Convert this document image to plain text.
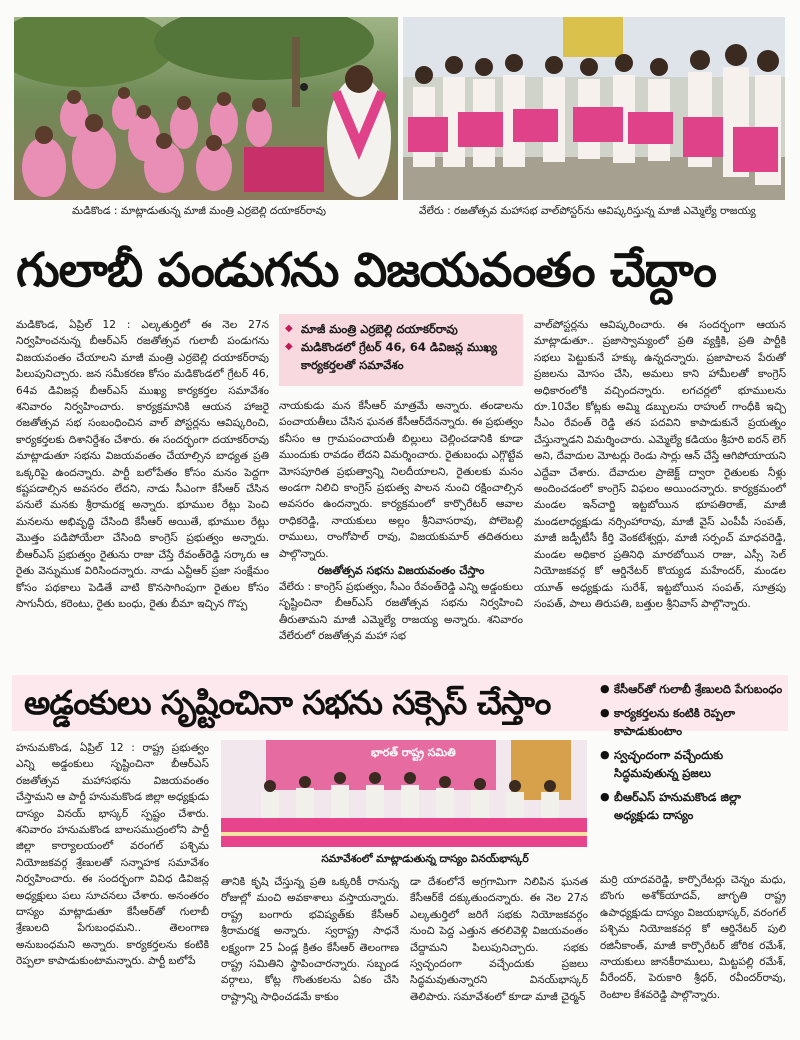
మడికొండ : మాట్లాడుతున్న మాజీ మంత్రి ఎర్రబెల్లి దయాకర్‌రావు	వేలేరు : రజతోత్సవ మహాసభ వాల్‌పోస్టర్‌ను ఆవిష్కరిస్తున్న మాజీ ఎమ్మెల్యే రాజయ్య
గులాబీ పండుగను విజయవంతం చేద్దాం

మడికొండ, ఏప్రిల్ 12 : ఎల్కతుర్తిలో ఈ నెల 27న నిర్వహించనున్న బీఆర్ఎస్ రజతోత్సవ గులాబీ పండుగను విజయవంతం చేయాలని మాజీ మంత్రి ఎర్రబెల్లి దయాకర్‌రావు పిలుపునిచ్చారు. జన సమీకరణ కోసం మడికొండలో గ్రేటర్ 46, 64వ డివిజన్ల బీఆర్ఎస్ ముఖ్య కార్యకర్తల సమావేశం శనివారం నిర్వహించారు. కార్యక్రమానికి ఆయన హాజరై రజతోత్సవ సభ సంబంధించిన వాల్ పోస్టర్లను ఆవిష్కరించి, కార్యకర్తలకు దిశానిర్దేశం చేశారు. ఈ సందర్భంగా దయాకర్‌రావు మాట్లాడుతూ సభను విజయవంతం చేయాల్సిన బాధ్యత ప్రతి ఒక్కరిపై ఉందన్నారు. పార్టీ బలోపేతం కోసం మనం పెద్దగా కష్టపడాల్సిన అవసరం లేదని, నాడు సీఎంగా కేసీఆర్ చేసిన పనులే మనకు శ్రీరామరక్ష అన్నారు. భూముల రేట్లు పెంచి మనలను అభివృద్ధి చేసింది కేసీఆర్ అయితే, భూముల రేట్లు మొత్తం పడిపోయేలా చేసింది కాంగ్రెస్ ప్రభుత్వం అన్నారు. బీఆర్ఎస్ ప్రభుత్వం రైతును రాజు చేస్తే రేవంత్‌రెడ్డి సర్కారు ఆ రైతు వెన్నుముక విరిసిందన్నారు. నాడు ఎన్టీఆర్ ప్రజా సంక్షేమం కోసం పథకాలు పెడితే వాటి కొనసాగింపుగా రైతుల కోసం సాగునీరు, కరెంటు, రైతు బంధు, రైతు బీమా ఇచ్చిన గొప్ప

◆ మాజీ మంత్రి ఎర్రబెల్లి దయాకర్‌రావు
◆ మడికొండలో గ్రేటర్ 46, 64 డివిజన్ల ముఖ్య కార్యకర్తలతో సమావేశం

నాయకుడు మన కేసీఆర్ మాత్రమే అన్నారు. తండాలను పంచాయతీలు చేసిన ఘనత కేసీఆర్‌దేనన్నారు. ఈ ప్రభుత్వం కనీసం ఆ గ్రామపంచాయతీ బిల్లులు చెల్లించడానికి కూడా ముందుకు రావడం లేదని విమర్శించారు. రైతుబంధు ఎగ్గొట్టేవ మోసపూరిత ప్రభుత్వాన్ని నిలదీయాలని, రైతులకు మనం అండగా నిలిచి కాంగ్రెస్ ప్రభుత్వ పాలన నుంచి రక్షించాల్సిన అవసరం ఉందన్నారు. కార్యక్రమంలో కార్పొరేటర్ ఆవాల రాధికరెడ్డి, నాయకులు అల్లం శ్రీనివాసరావు, పోలెబల్లి రాములు, రాంగోపాల్ రావు, విజయకుమార్ తదితరులు పాల్గొన్నారు.

రజతోత్సవ సభను విజయవంతం చేస్తాం

వేలేరు : కాంగ్రెస్ ప్రభుత్వం, సీఎం రేవంత్‌రెడ్డి ఎన్ని అడ్డంకులు సృష్టించినా బీఆర్ఎస్ రజతోత్సవ సభను నిర్వహించి తీరుతామని మాజీ ఎమ్మెల్యే రాజయ్య అన్నారు. శనివారం వేలేరులో రజతోత్సవ మహా సభ

వాల్‌పోస్టర్లను ఆవిష్కరించారు. ఈ సందర్భంగా ఆయన మాట్లాడుతూ.. ప్రజాస్వామ్యంలో ప్రతి వ్యక్తికి, ప్రతి పార్టీకి సభలు పెట్టుకునే హక్కు ఉన్నదన్నారు. ప్రజాపాలన పేరుతో ప్రజలను మోసం చేసి, అమలు కాని హామీలతో కాంగ్రెస్ అధికారంలోకి వచ్చిందన్నారు. లగచర్లలో భూముల‌ను రూ.10వేల కోట్లకు అమ్మి డబ్బులను రాహుల్ గాంధీకి ఇచ్చి సీఎం రేవంత్ రెడ్డి తన పదవిని కాపాడుకునే ప్రయత్నం చేస్తున్నాడని విమర్శించారు. ఎమ్మెల్యే కడియం శ్రీహరి ఐరన్ లెగ్ అని, దేవాదుల మోటర్లు రెండు సార్లు ఆన్ చేస్తే ఆగిపోయాయని ఎద్దేవా చేశారు. దేవాదుల ప్రాజెక్ట్ ద్వారా రైతులకు నీళ్లు అందించడంలో కాంగ్రెస్ విఫలం అయిందన్నారు. కార్యక్రమంలో మండల ఇన్‌చార్జి ఇట్టబోయిన భూపతిరాజ్, మాజీ మండలాధ్యక్షుడు నర్సింహారావు, మాజీ వైస్ ఎంపీపీ సంపత్, మాజీ జడ్పీటీసీ కీర్తి వెంకటేశ్వర్లు, మాజీ సర్పంచ్ మాధవరెడ్డి, మండల అధికార ప్రతినిధి మారబోయిన రాజు, ఎస్సీ సెల్ నియోజకవర్గ కో ఆర్డినేటర్ కొయ్యడ మహేందర్, మండల యూత్ అధ్యక్షుడు సురేశ్, ఇట్టబోయిన సంపత్, సూత్రపు సంపత్, పాలు తిరుపతి, బత్తుల శ్రీనివాస్ పాల్గొన్నారు.

అడ్డంకులు సృష్టించినా సభను సక్సెస్ చేస్తాం

హనుమకొండ, ఏప్రిల్ 12 : రాష్ట్ర ప్రభుత్వం ఎన్ని అడ్డంకులు సృష్టించినా బీఆర్ఎస్ రజతోత్సవ మహాసభను విజయవంతం చేస్తామని ఆ పార్టీ హనుమకొండ జిల్లా అధ్యక్షుడు దాస్యం వినయ్ భాస్కర్ స్పష్టం చేశారు. శనివారం హనుమకొండ బాలసముద్రంలోని పార్టీ జిల్లా కార్యాలయంలో వరంగల్ పశ్చిమ నియోజకవర్గ శ్రేణులతో సన్నాహక సమావేశం నిర్వహించారు. ఈ సందర్భంగా వివిధ డివిజన్ల అధ్యక్షులు పలు సూచనలు చేశారు. అనంతరం దాస్యం మాట్లాడుతూ కేసీఆర్‌తో గులాబీ శ్రేణులది పేగుబంధమని.. తెలంగాణ అనుబంధమని అన్నారు. కార్యకర్తలను కంటికి రెప్పలా కాపాడుకుంటామన్నారు. పార్టీ బలోపే

భారత్ రాష్ట్ర సమితి
సమావేశంలో మాట్లాడుతున్న దాస్యం వినయ్‌భాస్కర్

తానికి కృషి చేస్తున్న ప్రతి ఒక్కరికీ రానున్న రోజుల్లో మంచి అవకాశాలు వస్తాయన్నారు. రాష్ట్ర బంగారు భవిష్యత్‌కు కేసీఆర్ శ్రీరామరక్ష అన్నారు. స్వరాష్ట్ర సాధనే లక్ష్యంగా 25 ఏండ్ల క్రితం కేసీఆర్ తెలంగాణ రాష్ట్ర సమితిని స్థాపించారన్నారు. సబ్బండ వర్గాలు, కోట్ల గొంతుకలను ఏకం చేసి రాష్ట్రాన్ని సాధించడమే కాకుం

డా దేశంలోనే అగ్రగామిగా నిలిపిన ఘనత కేసీఆర్‌కే దక్కుతుందన్నారు. ఈ నెల 27న ఎల్కతుర్తిలో జరిగే సభకు నియోజకవర్గం నుంచి పెద్ద ఎత్తున తరలివెళ్లి విజయవంతం చేద్దామని పిలుపునిచ్చారు. సభకు స్వచ్ఛందంగా వచ్చేందుకు ప్రజలు సిద్ధమవుతున్నారని వినయ్‌భాస్కర్ తెలిపారు. సమావేశంలో కూడా మాజీ చైర్మన్

● కేసీఆర్‌తో గులాబీ శ్రేణులది పేగుబంధం
● కార్యకర్తలను కంటికి రెప్పలా కాపాడుకుంటాం
● స్వచ్ఛందంగా వచ్చేందుకు సిద్ధమవుతున్న ప్రజలు
● బీఆర్ఎస్ హనుమకొండ జిల్లా అధ్యక్షుడు దాస్యం

మర్రి యాదవరెడ్డి, కార్పొరేటర్లు చెన్నం మధు, బొంగు అశోక్‌యాదవ్, జాగృతి రాష్ట్ర ఉపాధ్యక్షుడు దాస్యం విజయభాస్కర్, వరంగల్ పశ్చిమ నియోజకవర్గ కో ఆర్డినేటర్ పులి రజినీకాంత్, మాజీ కార్పొరేటర్ జోరిక రమేశ్, నాయకులు జానకీరాములు, మిట్టపల్లి రమేశ్, వీరేందర్, పెరుకారి శ్రీధర్, రవీందర్‌రావు, రెంటాల కేశవరెడ్డి పాల్గొన్నారు.
